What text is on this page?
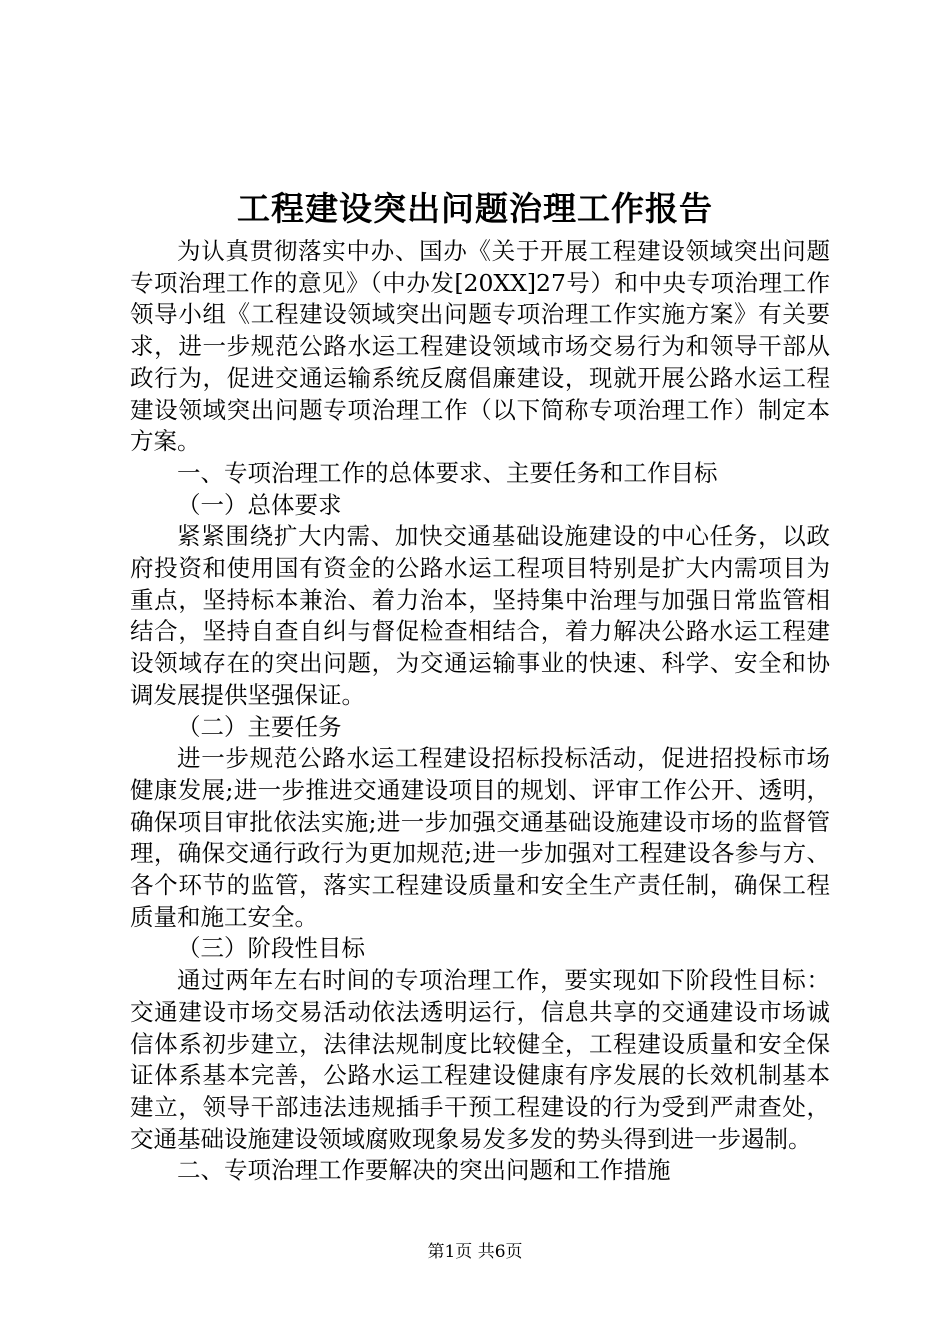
工程建设突出问题治理工作报告

为认真贯彻落实中办、国办《关于开展工程建设领域突出问题专项治理工作的意见》（中办发[20XX]27号）和中央专项治理工作领导小组《工程建设领域突出问题专项治理工作实施方案》有关要求，进一步规范公路水运工程建设领域市场交易行为和领导干部从政行为，促进交通运输系统反腐倡廉建设，现就开展公路水运工程建设领域突出问题专项治理工作（以下简称专项治理工作）制定本方案。

一、专项治理工作的总体要求、主要任务和工作目标

（一）总体要求

紧紧围绕扩大内需、加快交通基础设施建设的中心任务，以政府投资和使用国有资金的公路水运工程项目特别是扩大内需项目为重点，坚持标本兼治、着力治本，坚持集中治理与加强日常监管相结合，坚持自查自纠与督促检查相结合，着力解决公路水运工程建设领域存在的突出问题，为交通运输事业的快速、科学、安全和协调发展提供坚强保证。

（二）主要任务

进一步规范公路水运工程建设招标投标活动，促进招投标市场健康发展;进一步推进交通建设项目的规划、评审工作公开、透明，确保项目审批依法实施;进一步加强交通基础设施建设市场的监督管理，确保交通行政行为更加规范;进一步加强对工程建设各参与方、各个环节的监管，落实工程建设质量和安全生产责任制，确保工程质量和施工安全。

（三）阶段性目标

通过两年左右时间的专项治理工作，要实现如下阶段性目标：交通建设市场交易活动依法透明运行，信息共享的交通建设市场诚信体系初步建立，法律法规制度比较健全，工程建设质量和安全保证体系基本完善，公路水运工程建设健康有序发展的长效机制基本建立，领导干部违法违规插手干预工程建设的行为受到严肃查处，交通基础设施建设领域腐败现象易发多发的势头得到进一步遏制。

二、专项治理工作要解决的突出问题和工作措施

第1页 共6页
